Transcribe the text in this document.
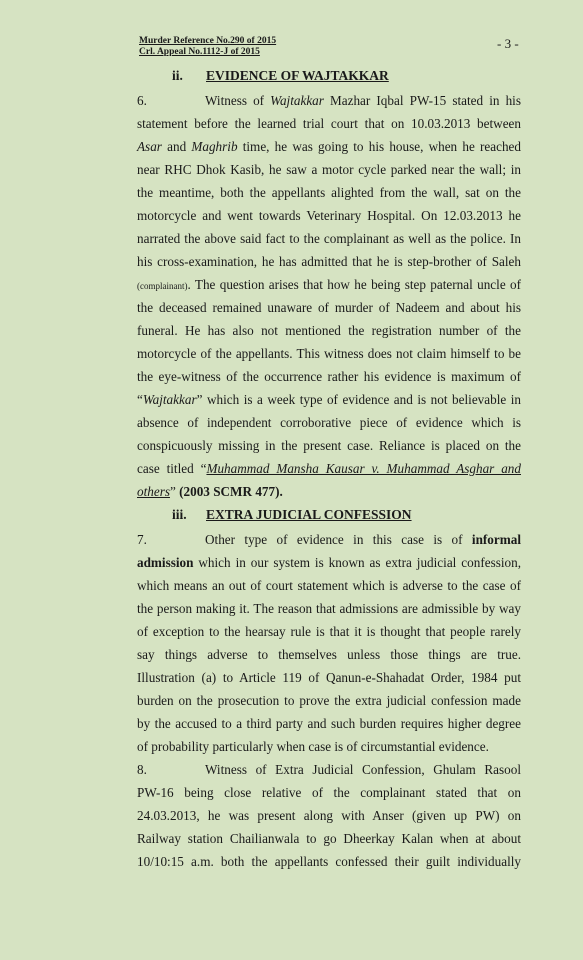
Murder Reference No.290 of 2015
Crl. Appeal No.1112-J of 2015
- 3 -
ii. EVIDENCE OF WAJTAKKAR
6.	Witness of Wajtakkar Mazhar Iqbal PW-15 stated in his
statement before the learned trial court that on 10.03.2013 between
Asar and Maghrib time, he was going to his house, when he reached
near RHC Dhok Kasib, he saw a motor cycle parked near the wall; in
the meantime, both the appellants alighted from the wall, sat on the
motorcycle and went towards Veterinary Hospital. On 12.03.2013 he
narrated the above said fact to the complainant as well as the police. In
his cross-examination, he has admitted that he is step-brother of Saleh
(complainant). The question arises that how he being step paternal uncle of
the deceased remained unaware of murder of Nadeem and about his
funeral. He has also not mentioned the registration number of the
motorcycle of the appellants. This witness does not claim himself to be
the eye-witness of the occurrence rather his evidence is maximum of
“Wajtakkar” which is a week type of evidence and is not believable in
absence of independent corroborative piece of evidence which is
conspicuously missing in the present case. Reliance is placed on the
case titled “Muhammad Mansha Kausar v. Muhammad Asghar and
others” (2003 SCMR 477).
iii. EXTRA JUDICIAL CONFESSION
7.	Other type of evidence in this case is of informal
admission which in our system is known as extra judicial confession,
which means an out of court statement which is adverse to the case of
the person making it. The reason that admissions are admissible by way
of exception to the hearsay rule is that it is thought that people rarely
say things adverse to themselves unless those things are true.
Illustration (a) to Article 119 of Qanun-e-Shahadat Order, 1984 put
burden on the prosecution to prove the extra judicial confession made
by the accused to a third party and such burden requires higher degree
of probability particularly when case is of circumstantial evidence.
8.	Witness of Extra Judicial Confession, Ghulam Rasool
PW-16 being close relative of the complainant stated that on
24.03.2013, he was present along with Anser (given up PW) on
Railway station Chailianwala to go Dheerkay Kalan when at about
10/10:15 a.m. both the appellants confessed their guilt individually
